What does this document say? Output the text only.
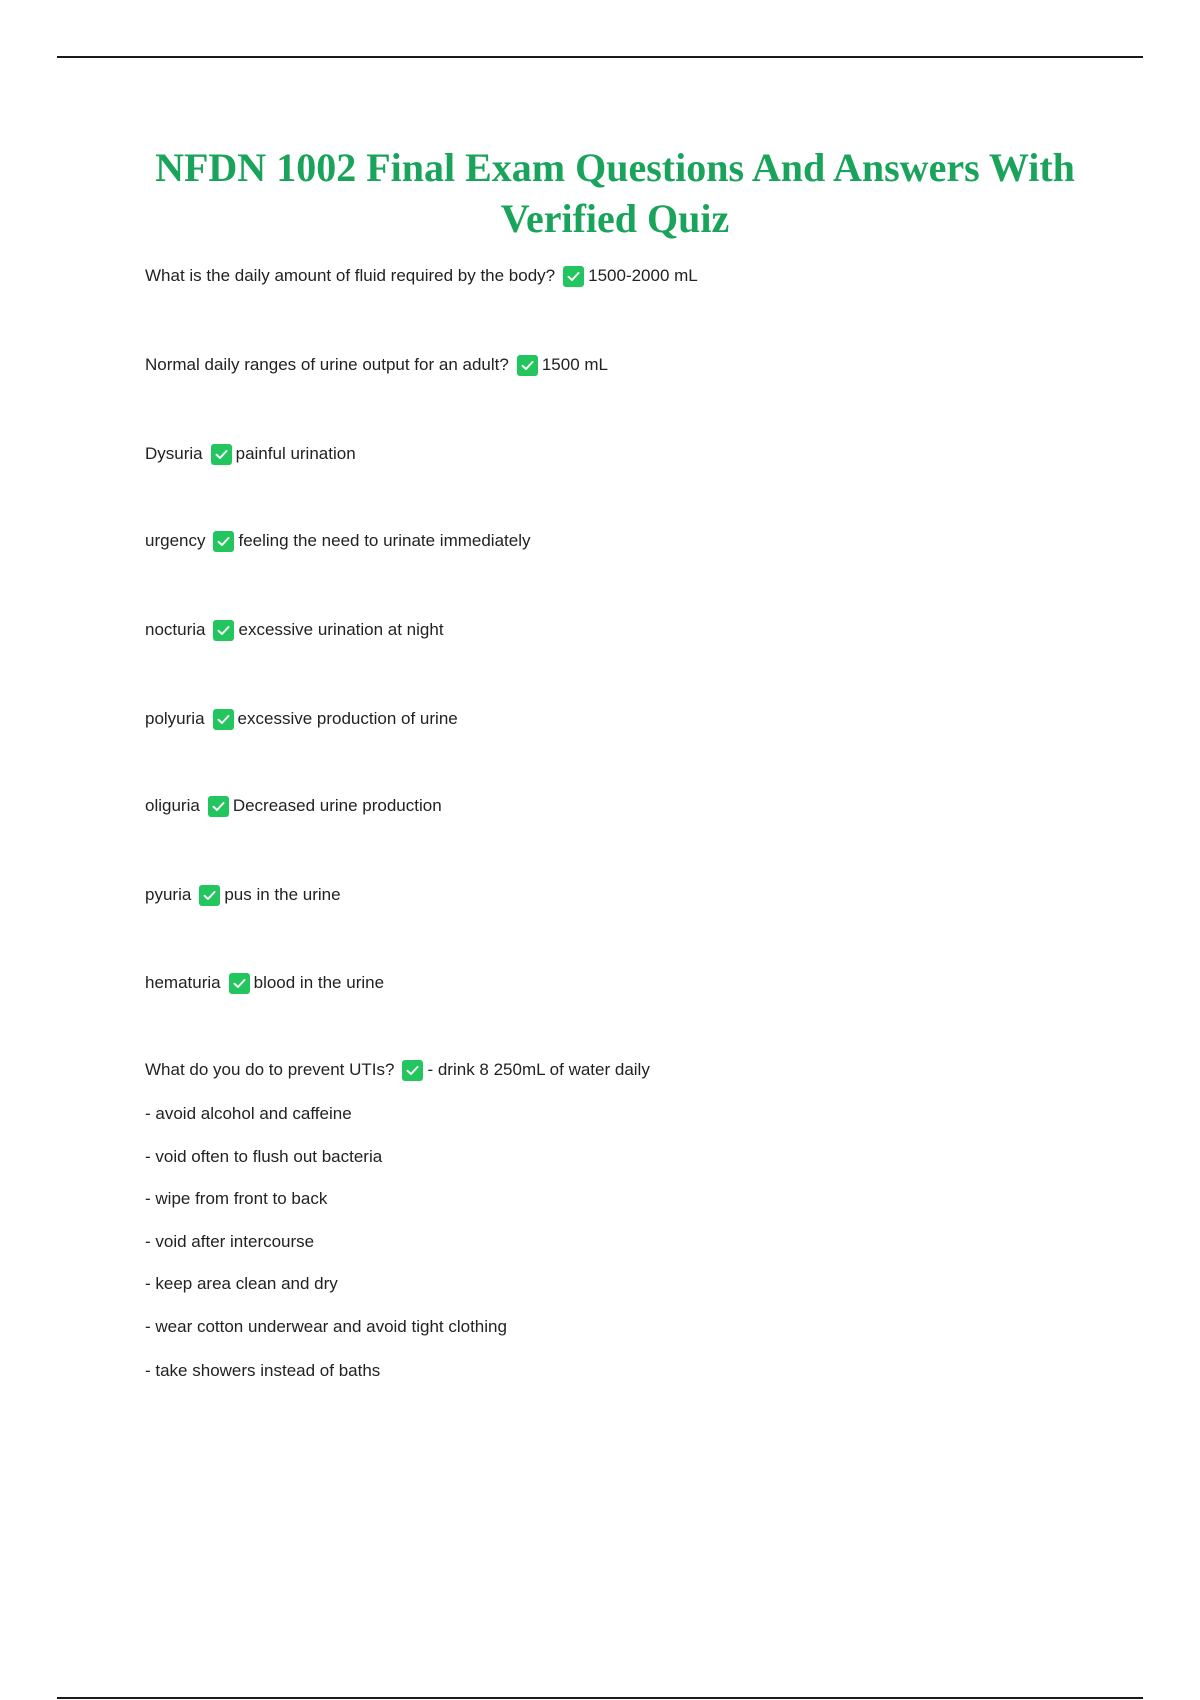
NFDN 1002 Final Exam Questions And Answers With Verified Quiz
What is the daily amount of fluid required by the body? 1500-2000 mL
Normal daily ranges of urine output for an adult? 1500 mL
Dysuria painful urination
urgency feeling the need to urinate immediately
nocturia excessive urination at night
polyuria excessive production of urine
oliguria Decreased urine production
pyuria pus in the urine
hematuria blood in the urine
What do you do to prevent UTIs? - drink 8 250mL of water daily
- avoid alcohol and caffeine
- void often to flush out bacteria
- wipe from front to back
- void after intercourse
- keep area clean and dry
- wear cotton underwear and avoid tight clothing
- take showers instead of baths
